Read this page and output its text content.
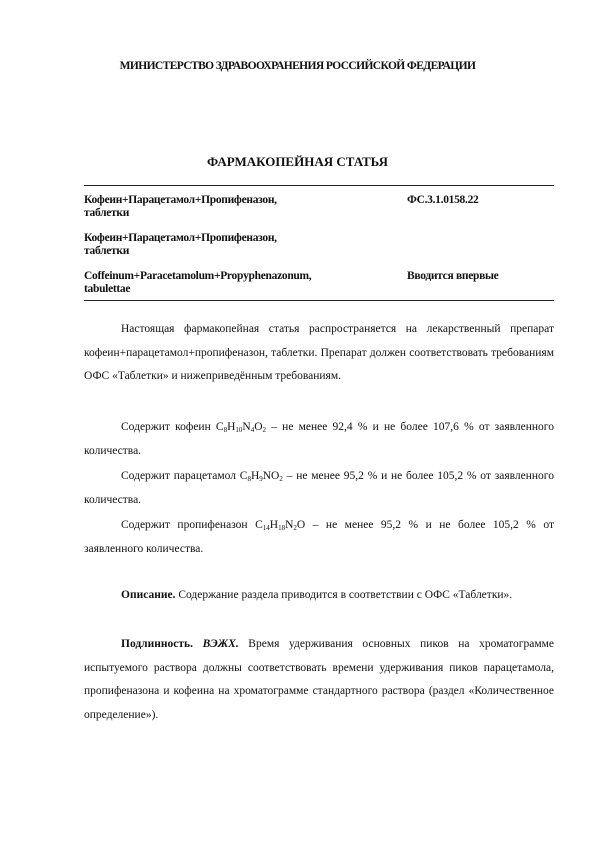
МИНИСТЕРСТВО ЗДРАВООХРАНЕНИЯ РОССИЙСКОЙ ФЕДЕРАЦИИ
ФАРМАКОПЕЙНАЯ СТАТЬЯ
Кофеин+Парацетамол+Пропифеназон,
таблетки
ФС.3.1.0158.22
Кофеин+Парацетамол+Пропифеназон,
таблетки
Coffeinum+Paracetamolum+Propyphenazonum,
tabulettae
Вводится впервые
Настоящая фармакопейная статья распространяется на лекарственный препарат кофеин+парацетамол+пропифеназон, таблетки. Препарат должен соответствовать требованиям ОФС «Таблетки» и нижеприведённым требованиям.
Содержит кофеин $C_8H_{10}N_4O_2$ – не менее 92,4 % и не более 107,6 % от заявленного количества.
Содержит парацетамол $C_8H_9NO_2$ – не менее 95,2 % и не более 105,2 % от заявленного количества.
Содержит пропифеназон $C_{14}H_{18}N_2O$ – не менее 95,2 % и не более 105,2 % от заявленного количества.
Описание. Содержание раздела приводится в соответствии с ОФС «Таблетки».
Подлинность. ВЭЖХ. Время удерживания основных пиков на хроматограмме испытуемого раствора должны соответствовать времени удерживания пиков парацетамола, пропифеназона и кофеина на хроматограмме стандартного раствора (раздел «Количественное определение»).
